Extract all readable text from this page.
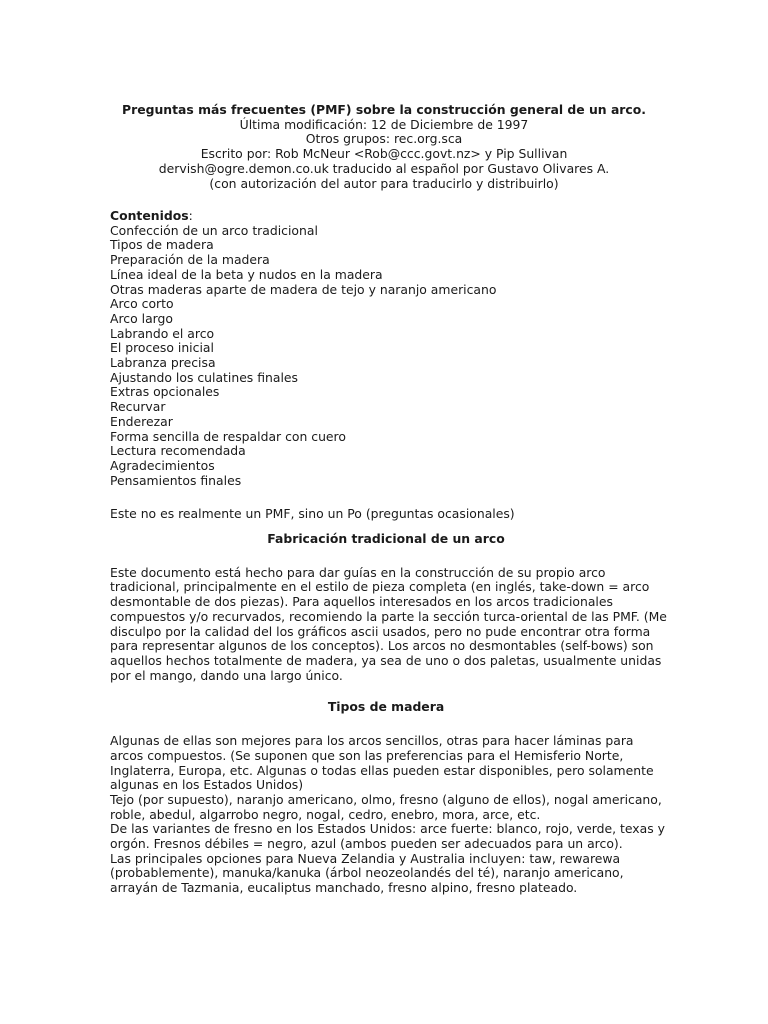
Preguntas más frecuentes (PMF) sobre la construcción general de un arco.
Última modificación: 12 de Diciembre de 1997
Otros grupos: rec.org.sca
Escrito por: Rob McNeur <Rob@ccc.govt.nz> y Pip Sullivan
dervish@ogre.demon.co.uk traducido al español por Gustavo Olivares A.
(con autorización del autor para traducirlo y distribuirlo)
Contenidos:
Confección de un arco tradicional
Tipos de madera
Preparación de la madera
Línea ideal de la beta y nudos en la madera
Otras maderas aparte de madera de tejo y naranjo americano
Arco corto
Arco largo
Labrando el arco
El proceso inicial
Labranza precisa
Ajustando los culatines finales
Extras opcionales
Recurvar
Enderezar
Forma sencilla de respaldar con cuero
Lectura recomendada
Agradecimientos
Pensamientos finales

Este no es realmente un PMF, sino un Po (preguntas ocasionales)

Fabricación tradicional de un arco

Este documento está hecho para dar guías en la construcción de su propio arco tradicional, principalmente en el estilo de pieza completa (en inglés, take-down = arco desmontable de dos piezas). Para aquellos interesados en los arcos tradicionales compuestos y/o recurvados, recomiendo la parte la sección turca-oriental de las PMF. (Me disculpo por la calidad del los gráficos ascii usados, pero no pude encontrar otra forma para representar algunos de los conceptos). Los arcos no desmontables (self-bows) son aquellos hechos totalmente de madera, ya sea de uno o dos paletas, usualmente unidas por el mango, dando una largo único.

Tipos de madera

Algunas de ellas son mejores para los arcos sencillos, otras para hacer láminas para arcos compuestos. (Se suponen que son las preferencias para el Hemisferio Norte, Inglaterra, Europa, etc. Algunas o todas ellas pueden estar disponibles, pero solamente algunas en los Estados Unidos)

Tejo (por supuesto), naranjo americano, olmo, fresno (alguno de ellos), nogal americano, roble, abedul, algarrobo negro, nogal, cedro, enebro, mora, arce, etc.

De las variantes de fresno en los Estados Unidos: arce fuerte: blanco, rojo, verde, texas y orgón. Fresnos débiles = negro, azul (ambos pueden ser adecuados para un arco).

Las principales opciones para Nueva Zelandia y Australia incluyen: taw, rewarewa (probablemente), manuka/kanuka (árbol neozeolandés del té), naranjo americano, arrayán de Tazmania, eucaliptus manchado, fresno alpino, fresno plateado.
